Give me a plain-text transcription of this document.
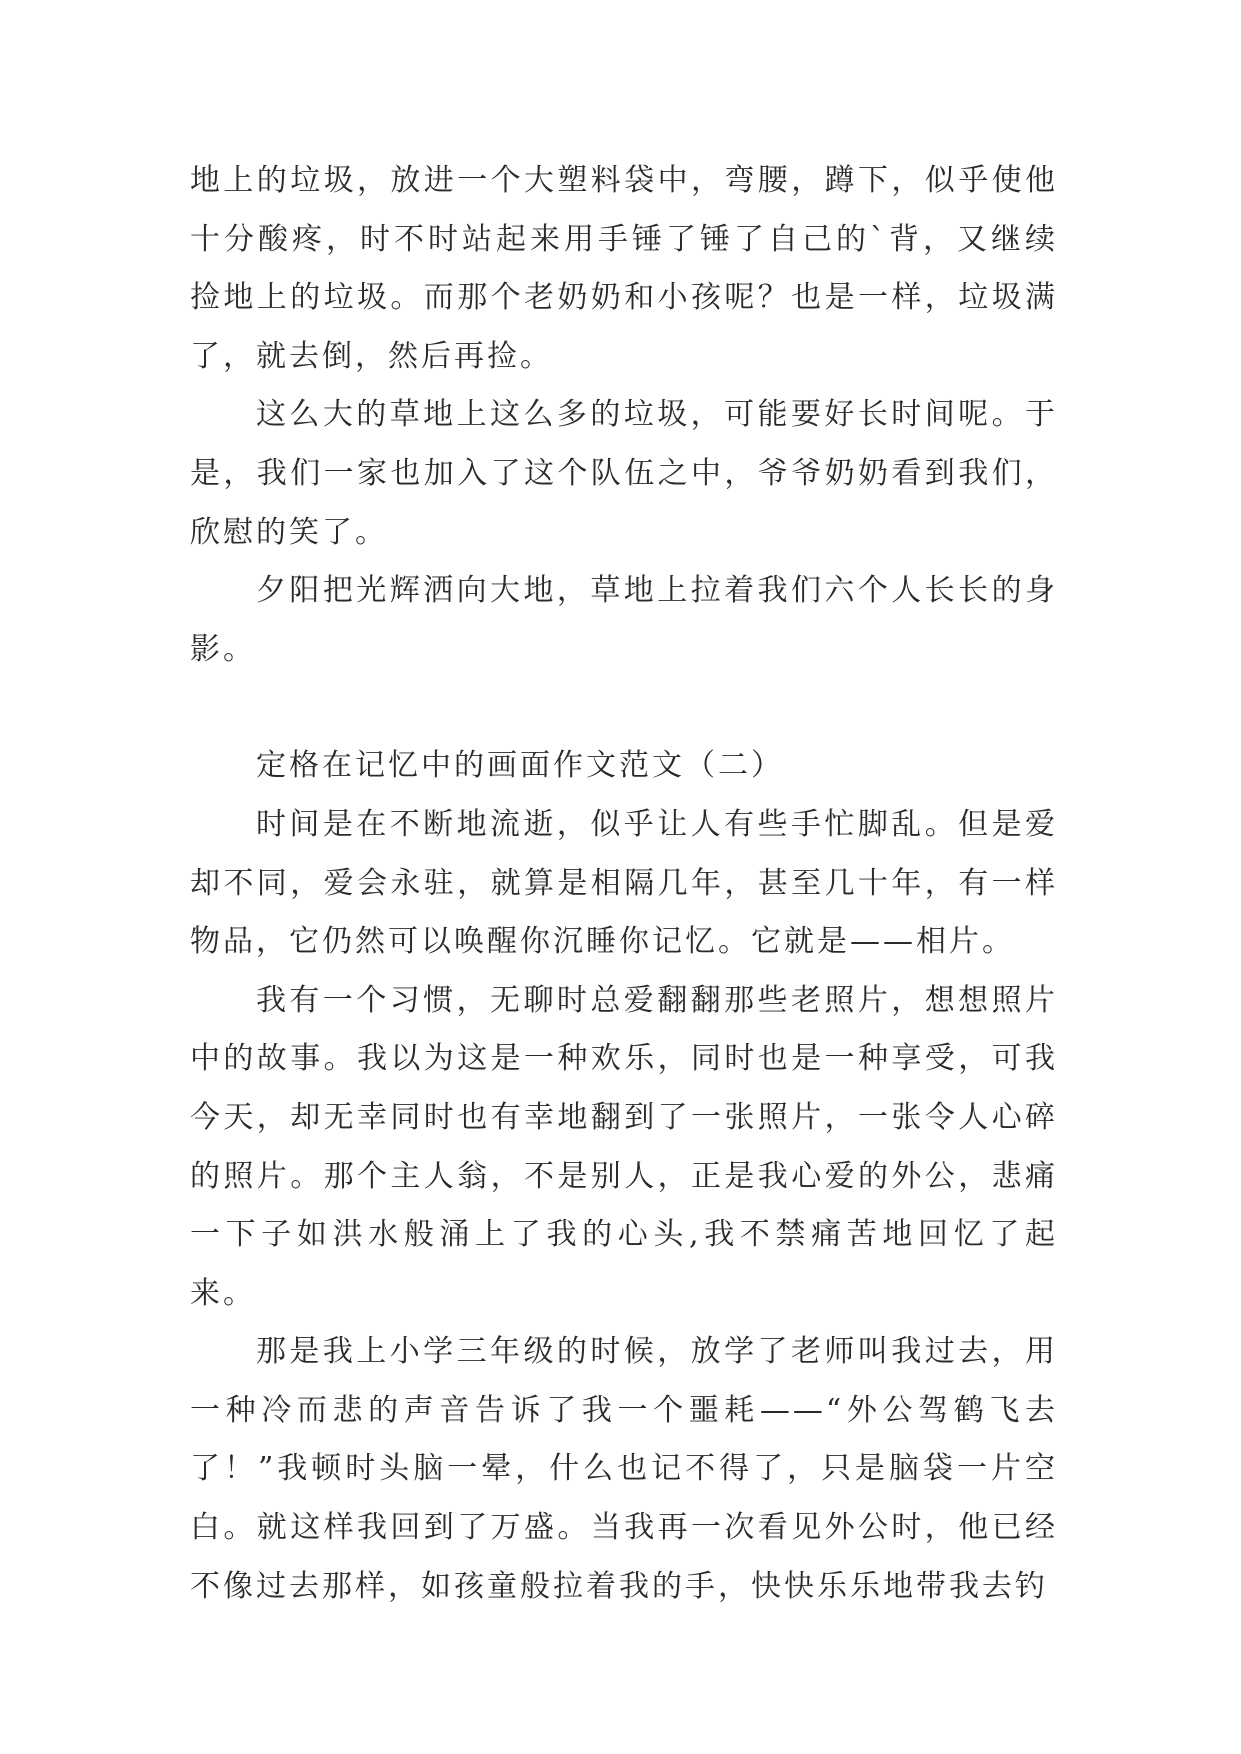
地上的垃圾，放进一个大塑料袋中，弯腰，蹲下，似乎使他十分酸疼，时不时站起来用手锤了锤了自己的`背，又继续捡地上的垃圾。而那个老奶奶和小孩呢？也是一样，垃圾满了，就去倒，然后再捡。

这么大的草地上这么多的垃圾，可能要好长时间呢。于是，我们一家也加入了这个队伍之中，爷爷奶奶看到我们，欣慰的笑了。

夕阳把光辉洒向大地，草地上拉着我们六个人长长的身影。

定格在记忆中的画面作文范文（二）

时间是在不断地流逝，似乎让人有些手忙脚乱。但是爱却不同，爱会永驻，就算是相隔几年，甚至几十年，有一样物品，它仍然可以唤醒你沉睡你记忆。它就是——相片。

我有一个习惯，无聊时总爱翻翻那些老照片，想想照片中的故事。我以为这是一种欢乐，同时也是一种享受，可我今天，却无幸同时也有幸地翻到了一张照片，一张令人心碎的照片。那个主人翁，不是别人，正是我心爱的外公，悲痛一下子如洪水般涌上了我的心头,我不禁痛苦地回忆了起来。

那是我上小学三年级的时候，放学了老师叫我过去，用一种冷而悲的声音告诉了我一个噩耗——“外公驾鹤飞去了！”我顿时头脑一晕，什么也记不得了，只是脑袋一片空白。就这样我回到了万盛。当我再一次看见外公时，他已经不像过去那样，如孩童般拉着我的手，快快乐乐地带我去钓
